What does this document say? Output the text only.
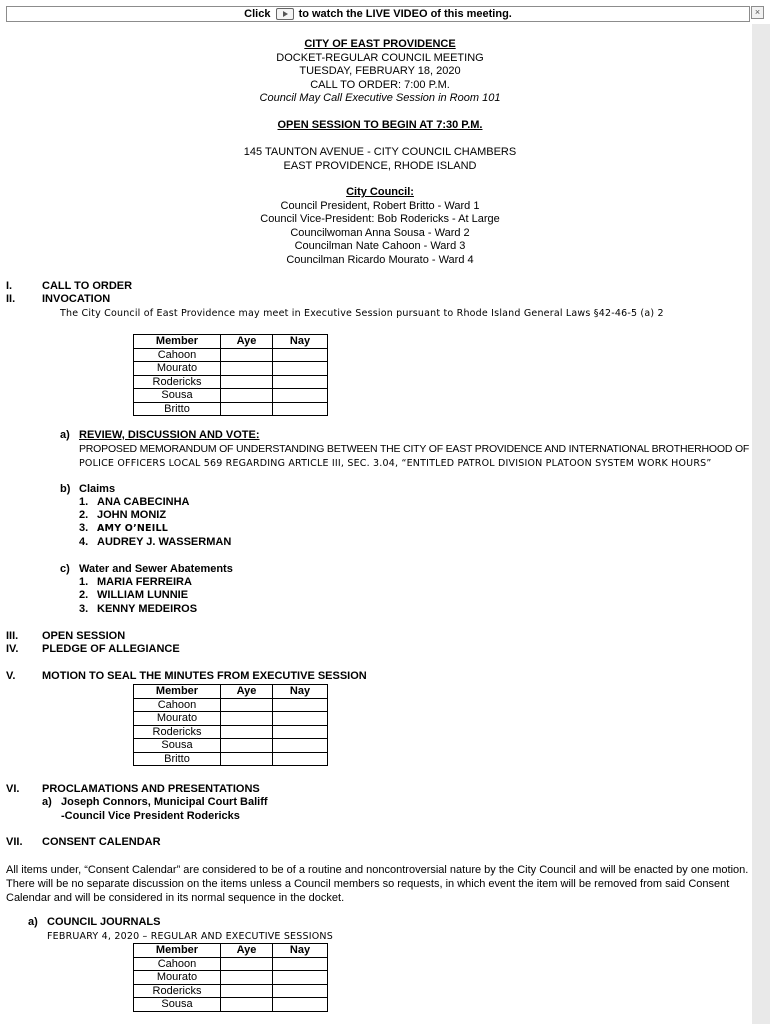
Click	to watch the LIVE VIDEO of this meeting.	×
CITY OF EAST PROVIDENCE
DOCKET-REGULAR COUNCIL MEETING
TUESDAY, FEBRUARY 18, 2020
CALL TO ORDER: 7:00 P.M.
Council May Call Executive Session in Room 101
OPEN SESSION TO BEGIN AT 7:30 P.M.
145 TAUNTON AVENUE - CITY COUNCIL CHAMBERS
EAST PROVIDENCE, RHODE ISLAND
City Council:
Council President, Robert Britto - Ward 1
Council Vice-President: Bob Rodericks - At Large
Councilwoman Anna Sousa - Ward 2
Councilman Nate Cahoon - Ward 3
Councilman Ricardo Mourato - Ward 4
I.	CALL TO ORDER
II. INVOCATION
The City Council of East Providence may meet in Executive Session pursuant to Rhode Island General Laws §42-46-5 (a) 2
Member	Aye	Nay
Cahoon		
Mourato		
Rodericks		
Sousa		
Britto		
a) REVIEW, DISCUSSION AND VOTE:
PROPOSED MEMORANDUM OF UNDERSTANDING BETWEEN THE CITY OF EAST PROVIDENCE AND INTERNATIONAL BROTHERHOOD OF
POLICE OFFICERS LOCAL 569 REGARDING ARTICLE III, SEC. 3.04, “ENTITLED PATROL DIVISION PLATOON SYSTEM WORK HOURS”
b) Claims
1. ANA CABECINHA
2. JOHN MONIZ
3. AMY O’NEILL
4. AUDREY J. WASSERMAN
c) Water and Sewer Abatements
1. MARIA FERREIRA
2. WILLIAM LUNNIE
3. KENNY MEDEIROS
III. OPEN SESSION
IV. PLEDGE OF ALLEGIANCE
V. MOTION TO SEAL THE MINUTES FROM EXECUTIVE SESSION
Member	Aye	Nay
Cahoon		
Mourato		
Rodericks		
Sousa		
Britto		
VI. PROCLAMATIONS AND PRESENTATIONS
a) Joseph Connors, Municipal Court Baliff
-Council Vice President Rodericks
VII. CONSENT CALENDAR
All items under, “Consent Calendar” are considered to be of a routine and noncontroversial nature by the City Council and will be enacted by one motion.
There will be no separate discussion on the items unless a Council members so requests, in which event the item will be removed from said Consent
Calendar and will be considered in its normal sequence in the docket.
a) COUNCIL JOURNALS
FEBRUARY 4, 2020 – REGULAR AND EXECUTIVE SESSIONS
Member	Aye	Nay
Cahoon		
Mourato		
Rodericks		
Sousa		
